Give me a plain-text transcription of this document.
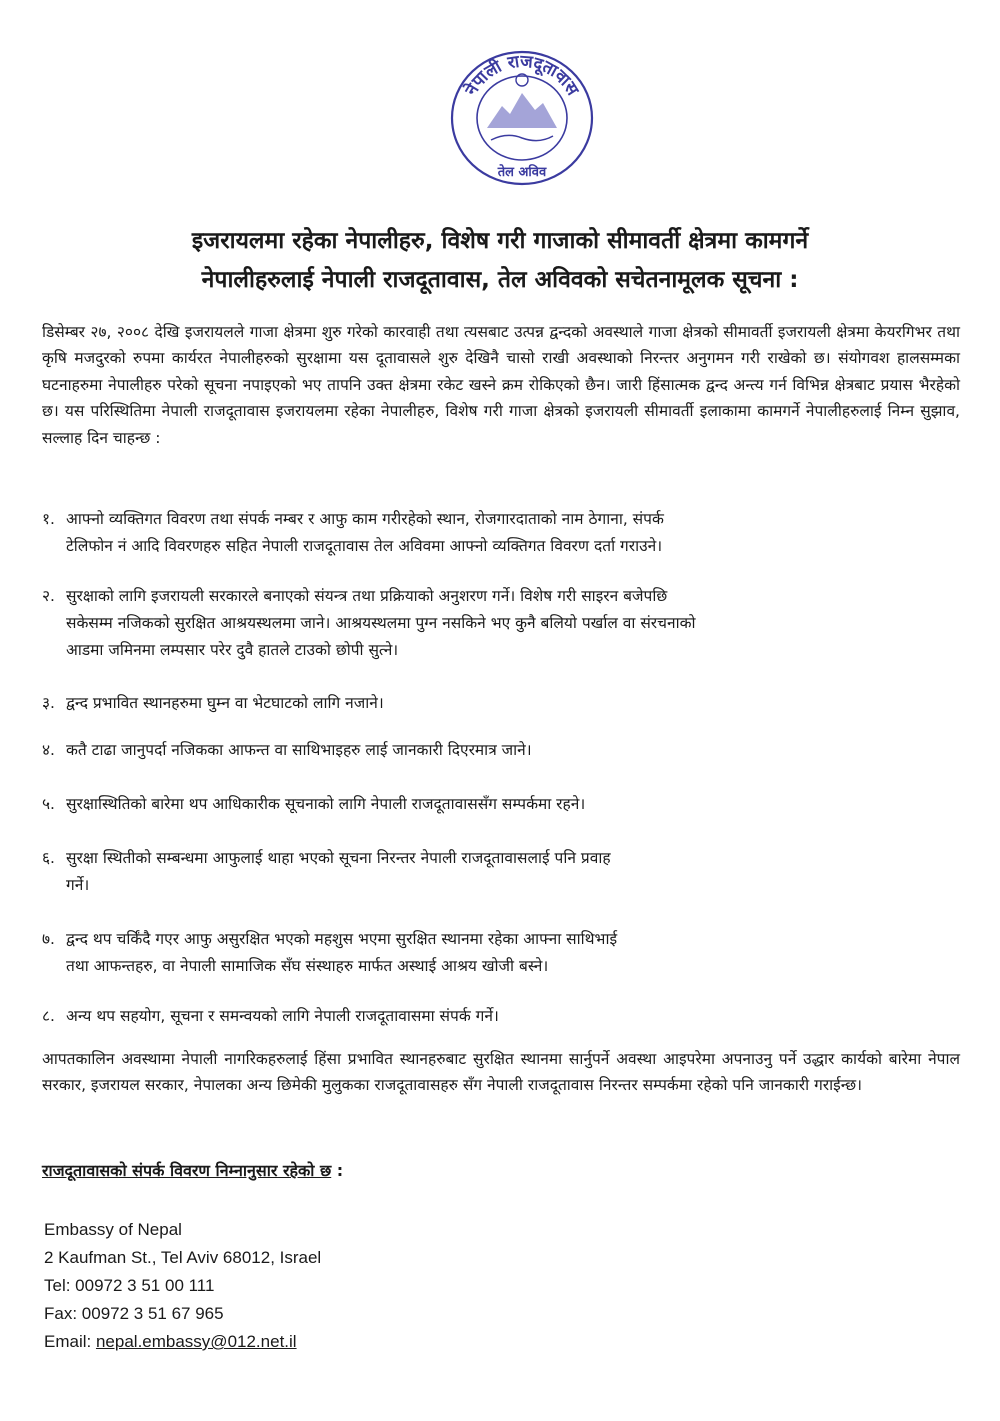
नेपाली राजदूतावास
तेल अविव
इजरायलमा रहेका नेपालीहरु, विशेष गरी गाजाको सीमावर्ती क्षेत्रमा कामगर्ने
नेपालीहरुलाई नेपाली राजदूतावास, तेल अविवको सचेतनामूलक सूचना :

डिसेम्बर २७, २००८ देखि इजरायलले गाजा क्षेत्रमा शुरु गरेको कारवाही तथा त्यसबाट उत्पन्न द्वन्दको अवस्थाले गाजा क्षेत्रको सीमावर्ती इजरायली क्षेत्रमा केयरगिभर तथा कृषि मजदुरको रुपमा कार्यरत नेपालीहरुको सुरक्षामा यस दूतावासले शुरु देखिनै चासो राखी अवस्थाको निरन्तर अनुगमन गरी राखेको छ। संयोगवश हालसम्मका घटनाहरुमा नेपालीहरु परेको सूचना नपाइएको भए तापनि उक्त क्षेत्रमा रकेट खस्ने क्रम रोकिएको छैन। जारी हिंसात्मक द्वन्द अन्त्य गर्न विभिन्न क्षेत्रबाट प्रयास भैरहेको छ। यस परिस्थितिमा नेपाली राजदूतावास इजरायलमा रहेका नेपालीहरु, विशेष गरी गाजा क्षेत्रको इजरायली सीमावर्ती इलाकामा कामगर्ने नेपालीहरुलाई निम्न सुझाव, सल्लाह दिन चाहन्छ :

१. आफ्नो व्यक्तिगत विवरण तथा संपर्क नम्बर र आफु काम गरीरहेको स्थान, रोजगारदाताको नाम ठेगाना, संपर्क
टेलिफोन नं आदि विवरणहरु सहित नेपाली राजदूतावास तेल अविवमा आफ्नो व्यक्तिगत विवरण दर्ता गराउने।

२. सुरक्षाको लागि इजरायली सरकारले बनाएको संयन्त्र तथा प्रक्रियाको अनुशरण गर्ने। विशेष गरी साइरन बजेपछि
सकेसम्म नजिकको सुरक्षित आश्रयस्थलमा जाने। आश्रयस्थलमा पुग्न नसकिने भए कुनै बलियो पर्खाल वा संरचनाको
आडमा जमिनमा लम्पसार परेर दुवै हातले टाउको छोपी सुत्ने।

३. द्वन्द प्रभावित स्थानहरुमा घुम्न वा भेटघाटको लागि नजाने।

४. कतै टाढा जानुपर्दा नजिकका आफन्त वा साथिभाइहरु लाई जानकारी दिएरमात्र जाने।

५. सुरक्षास्थितिको बारेमा थप आधिकारीक सूचनाको लागि नेपाली राजदूतावाससँग सम्पर्कमा रहने।

६. सुरक्षा स्थितीको सम्बन्धमा आफुलाई थाहा भएको सूचना निरन्तर नेपाली राजदूतावासलाई पनि प्रवाह
गर्ने।

७. द्वन्द थप चर्किंदै गएर आफु असुरक्षित भएको महशुस भएमा सुरक्षित स्थानमा रहेका आफ्ना साथिभाई
तथा आफन्तहरु, वा नेपाली सामाजिक सँघ संस्थाहरु मार्फत अस्थाई आश्रय खोजी बस्ने।

८. अन्य थप सहयोग, सूचना र समन्वयको लागि नेपाली राजदूतावासमा संपर्क गर्ने।

आपतकालिन अवस्थामा नेपाली नागरिकहरुलाई हिंसा प्रभावित स्थानहरुबाट सुरक्षित स्थानमा सार्नुपर्ने अवस्था आइपरेमा अपनाउनु पर्ने उद्धार कार्यको बारेमा नेपाल सरकार, इजरायल सरकार, नेपालका अन्य छिमेकी मुलुकका राजदूतावासहरु सँग नेपाली राजदूतावास निरन्तर सम्पर्कमा रहेको पनि जानकारी गराईन्छ।

राजदूतावासको संपर्क विवरण निम्नानुसार रहेको छ :

Embassy of Nepal
2 Kaufman St., Tel Aviv 68012, Israel
Tel: 00972 3 51 00 111
Fax: 00972 3 51 67 965
Email: nepal.embassy@012.net.il
